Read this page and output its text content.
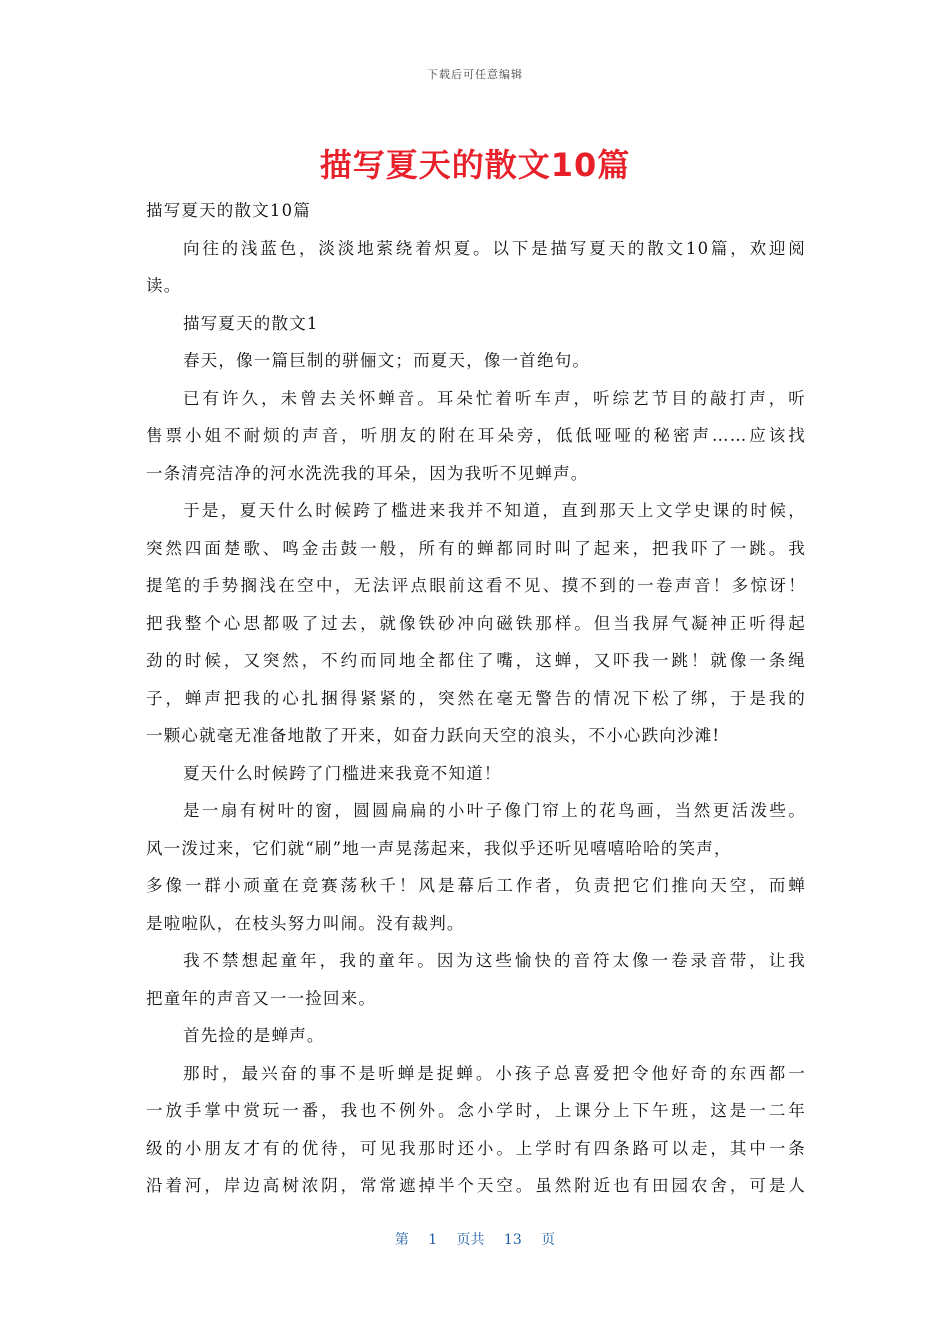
下载后可任意编辑
描写夏天的散文10篇
描写夏天的散文10篇
向往的浅蓝色，淡淡地萦绕着炽夏。以下是描写夏天的散文10篇，欢迎阅
读。
描写夏天的散文1
春天，像一篇巨制的骈俪文；而夏天，像一首绝句。
已有许久，未曾去关怀蝉音。耳朵忙着听车声，听综艺节目的敲打声，听
售票小姐不耐烦的声音，听朋友的附在耳朵旁，低低哑哑的秘密声……应该找
一条清亮洁净的河水洗洗我的耳朵，因为我听不见蝉声。
于是，夏天什么时候跨了槛进来我并不知道，直到那天上文学史课的时候，
突然四面楚歌、鸣金击鼓一般，所有的蝉都同时叫了起来，把我吓了一跳。我
提笔的手势搁浅在空中，无法评点眼前这看不见、摸不到的一卷声音！多惊讶！
把我整个心思都吸了过去，就像铁砂冲向磁铁那样。但当我屏气凝神正听得起
劲的时候，又突然，不约而同地全都住了嘴，这蝉，又吓我一跳！就像一条绳
子，蝉声把我的心扎捆得紧紧的，突然在毫无警告的情况下松了绑，于是我的
一颗心就毫无准备地散了开来，如奋力跃向天空的浪头，不小心跌向沙滩!
夏天什么时候跨了门槛进来我竟不知道！
是一扇有树叶的窗，圆圆扁扁的小叶子像门帘上的花鸟画，当然更活泼些。
风一泼过来，它们就“刷”地一声晃荡起来，我似乎还听见嘻嘻哈哈的笑声，
多像一群小顽童在竞赛荡秋千！风是幕后工作者，负责把它们推向天空，而蝉
是啦啦队，在枝头努力叫闹。没有裁判。
我不禁想起童年，我的童年。因为这些愉快的音符太像一卷录音带，让我
把童年的声音又一一捡回来。
首先捡的是蝉声。
那时，最兴奋的事不是听蝉是捉蝉。小孩子总喜爱把令他好奇的东西都一
一放手掌中赏玩一番，我也不例外。念小学时，上课分上下午班，这是一二年
级的小朋友才有的优待，可见我那时还小。上学时有四条路可以走，其中一条
沿着河，岸边高树浓阴，常常遮掉半个天空。虽然附近也有田园农舍，可是人
第 1 页共 13 页
